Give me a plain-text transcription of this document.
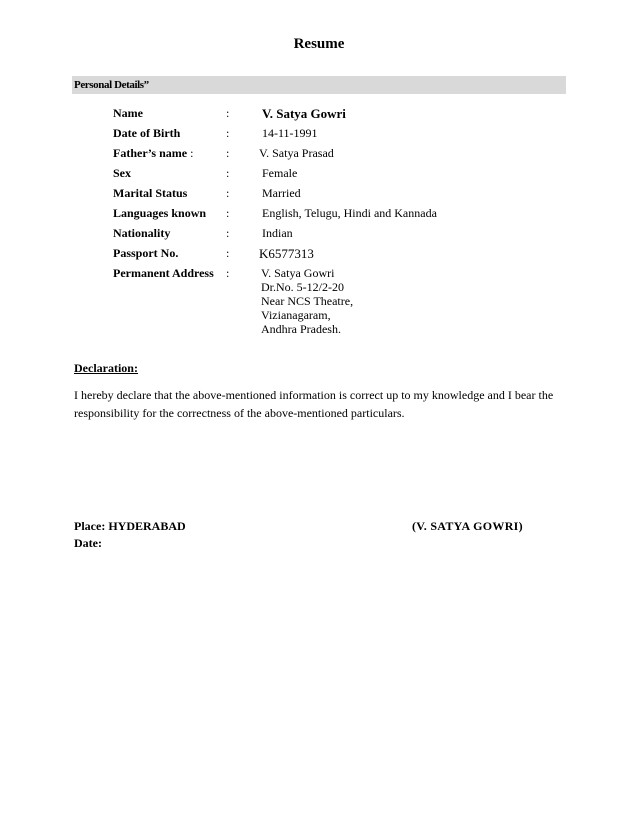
Resume
Personal Details”
Name	:	V. Satya Gowri
Date of Birth	:	14-11-1991
Father’s name :	: V. Satya Prasad
Sex	:	Female
Marital Status	:	Married
Languages known :	English, Telugu, Hindi and Kannada
Nationality	:	Indian
Passport No.	: K6577313
Permanent Address :	V. Satya Gowri
Dr.No. 5-12/2-20
Near NCS Theatre,
Vizianagaram,
Andhra Pradesh.
Declaration:
I hereby declare that the above-mentioned information is correct up to my knowledge and I bear the responsibility for the correctness of the above-mentioned particulars.
Place: HYDERABAD
Date:
(V. SATYA GOWRI)
